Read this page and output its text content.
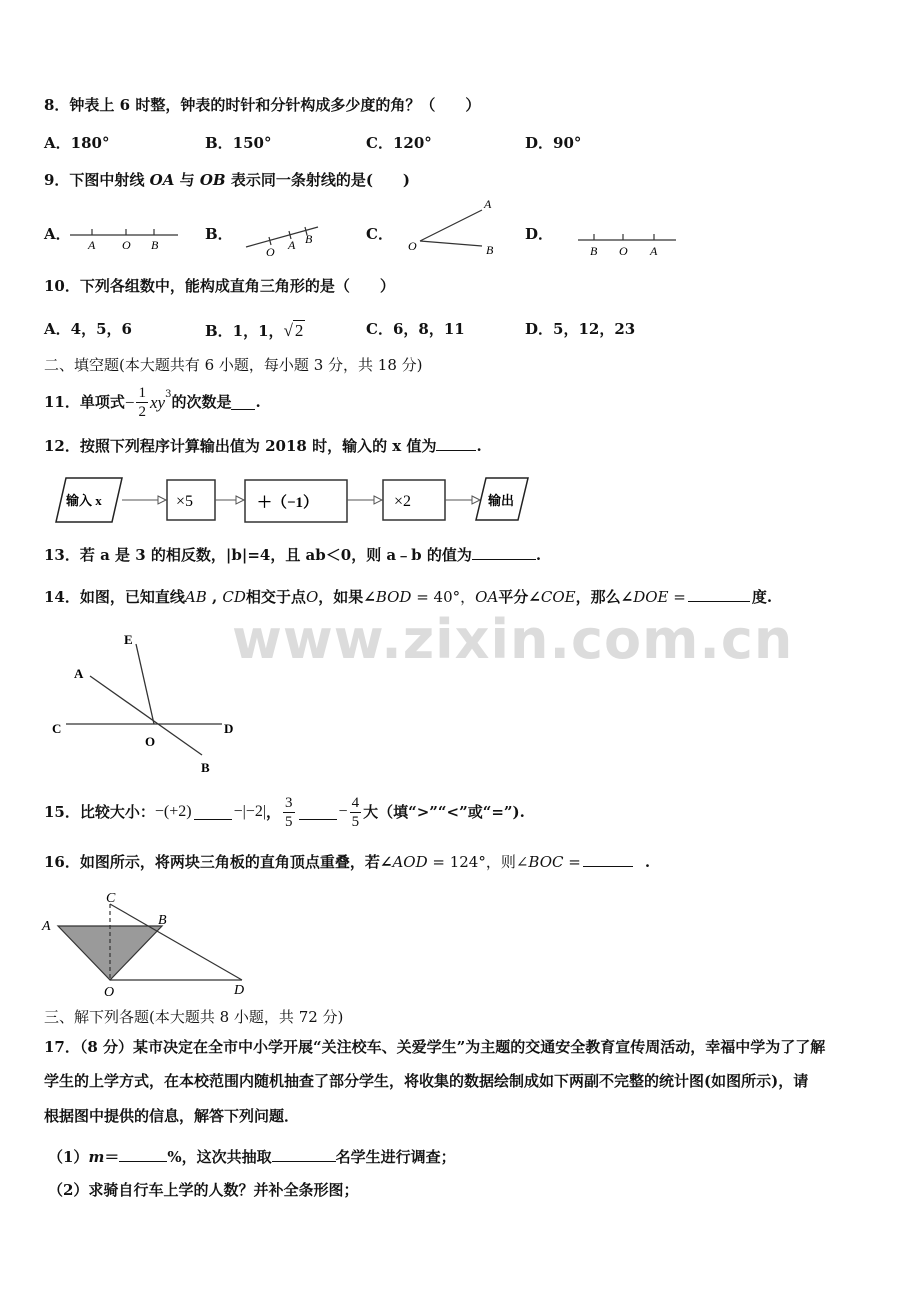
www.zixin.com.cn
8．钟表上 6 时整，钟表的时针和分针构成多少度的角？（　　）
A．180°	B．150°	C．120°	D．90°
9．下图中射线 OA 与 OB 表示同一条射线的是(　　)
A．	B．	C．	D．
A O B	O A B
A
O	B	B O A
10．下列各组数中，能构成直角三角形的是（　　）
A．4，5，6	B．1，1，√ 2	C．6，8，11	D．5，12，23
二、填空题(本大题共有 6 小题，每小题 3 分，共 18 分)
11．单项式 − $\frac{1}{2} xy^3$ 的次数是 .
12．按照下列程序计算输出值为 2018 时，输入的 x 值为	.
输入 x	×5	＋（−1）	×2	输出
13．若 a 是 3 的相反数，|b|=4，且 ab＜0，则 a﹣b 的值为	.
14．如图，已知直线AB , CD相交于点O，如果∠BOD = 40°，OA平分∠COE，那么∠DOE =	度.
E
A
C
O
D
B
15．比较大小： −(+2)	−|−2| ， $\frac{3}{5}$	− $\frac{4}{5}$ 大（填“>”“<”或“=”).
16．如图所示，将两块三角板的直角顶点重叠，若∠AOD = 124°，则∠BOC =	.
C
A	B
O	D
三、解下列各题(本大题共 8 小题，共 72 分)
17．（8 分）某市决定在全市中小学开展“关注校车、关爱学生”为主题的交通安全教育宣传周活动，幸福中学为了了解
学生的上学方式，在本校范围内随机抽查了部分学生，将收集的数据绘制成如下两副不完整的统计图(如图所示)，请
根据图中提供的信息，解答下列问题．
（1）m＝	%，这次共抽取	名学生进行调查；
（2）求骑自行车上学的人数？并补全条形图；
